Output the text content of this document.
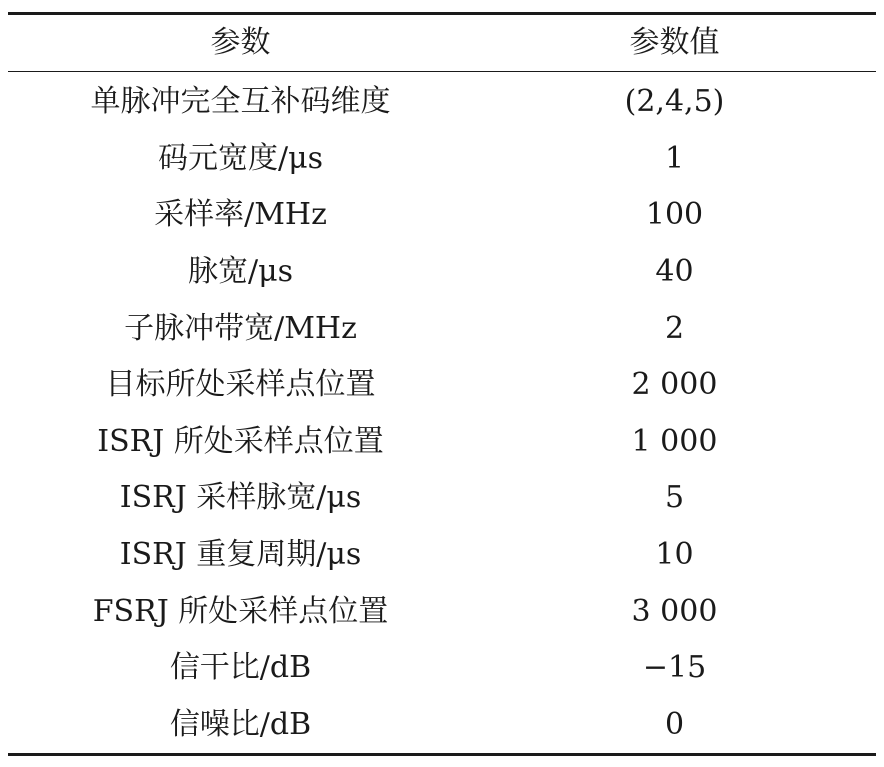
参数	参数值
单脉冲完全互补码维度	(2,4,5)
码元宽度/μs	1
采样率/MHz	100
脉宽/μs	40
子脉冲带宽/MHz	2
目标所处采样点位置	2 000
ISRJ 所处采样点位置	1 000
ISRJ 采样脉宽/μs	5
ISRJ 重复周期/μs	10
FSRJ 所处采样点位置	3 000
信干比/dB	−15
信噪比/dB	0
